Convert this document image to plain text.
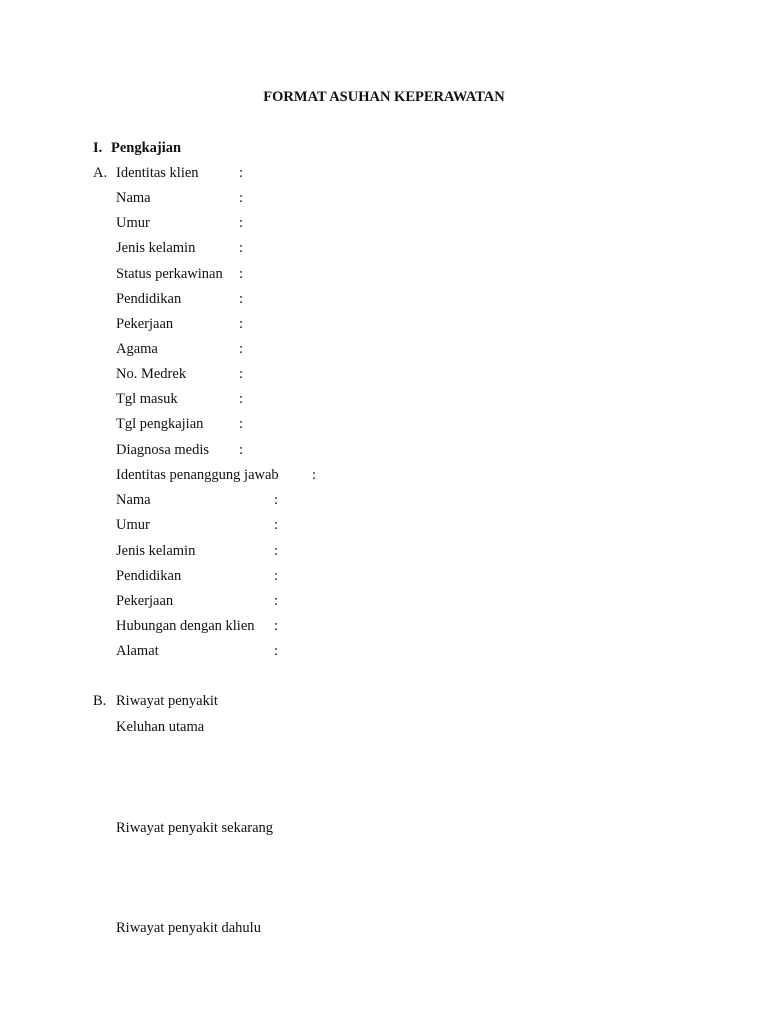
FORMAT ASUHAN KEPERAWATAN
I. Pengkajian
A. Identitas klien	:
Nama	:
Umur	:
Jenis kelamin	:
Status perkawinan :
Pendidikan	:
Pekerjaan	:
Agama	:
No. Medrek	:
Tgl masuk	:
Tgl pengkajian :
Diagnosa medis :
Identitas penanggung jawab :
Nama	:
Umur	:
Jenis kelamin	:
Pendidikan	:
Pekerjaan	:
Hubungan dengan klien :
Alamat	:
B. Riwayat penyakit
Keluhan utama
Riwayat penyakit sekarang
Riwayat penyakit dahulu
